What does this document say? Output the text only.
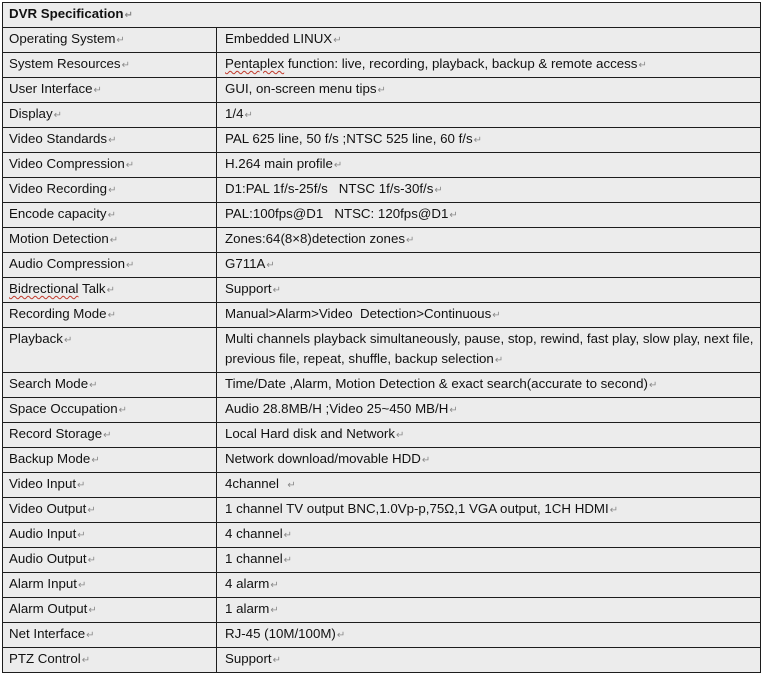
DVR Specification↵	
Operating System↵	Embedded LINUX↵
System Resources↵	Pentaplex function: live, recording, playback, backup & remote access↵
User Interface↵	GUI, on-screen menu tips↵
Display↵	1/4↵
Video Standards↵	PAL 625 line, 50 f/s ;NTSC 525 line, 60 f/s↵
Video Compression↵	H.264 main profile↵
Video Recording↵	D1:PAL 1f/s-25f/s   NTSC 1f/s-30f/s↵
Encode capacity↵	PAL:100fps@D1   NTSC: 120fps@D1↵
Motion Detection↵	Zones:64(8×8)detection zones↵
Audio Compression↵	G711A↵
Bidrectional Talk↵	Support↵
Recording Mode↵	Manual>Alarm>Video  Detection>Continuous↵
Playback↵	Multi channels playback simultaneously, pause, stop, rewind, fast play, slow play, next file, previous file, repeat, shuffle, backup selection↵
Search Mode↵	Time/Date ,Alarm, Motion Detection & exact search(accurate to second)↵
Space Occupation↵	Audio 28.8MB/H ;Video 25~450 MB/H↵
Record Storage↵	Local Hard disk and Network↵
Backup Mode↵	Network download/movable HDD↵
Video Input↵	4channel  ↵
Video Output↵	1 channel TV output BNC,1.0Vp-p,75Ω,1 VGA output, 1CH HDMI↵
Audio Input↵	4 channel↵
Audio Output↵	1 channel↵
Alarm Input↵	4 alarm↵
Alarm Output↵	1 alarm↵
Net Interface↵	RJ-45 (10M/100M)↵
PTZ Control↵	Support↵
